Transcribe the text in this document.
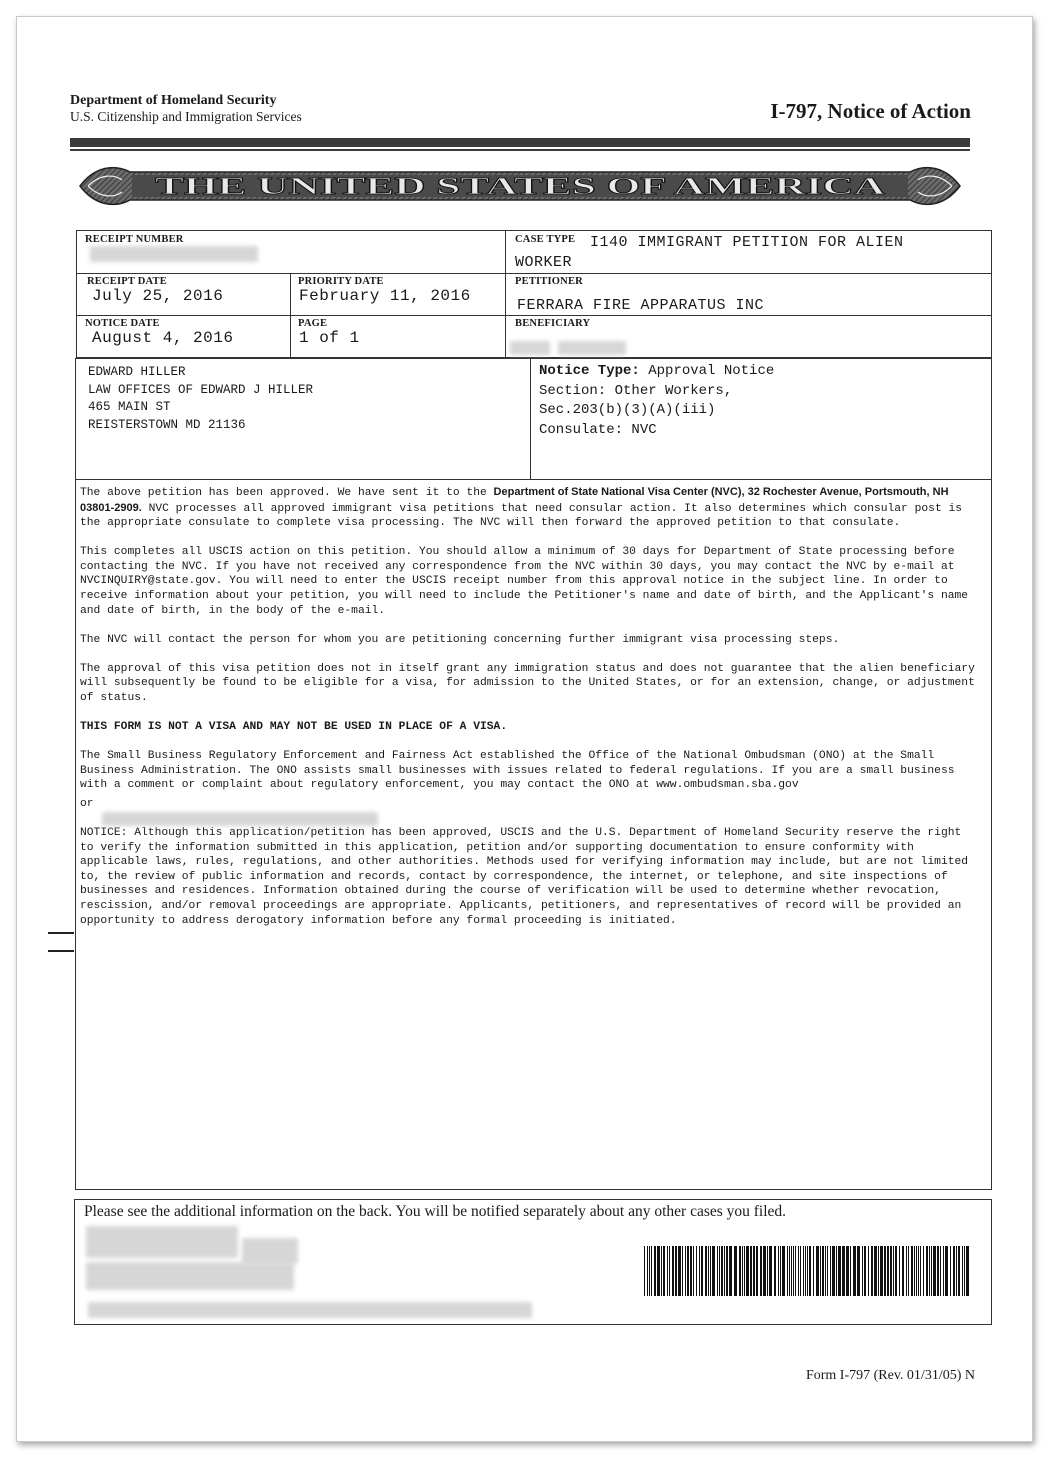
Department of Homeland Security
U.S. Citizenship and Immigration Services	I-797, Notice of Action
THE UNITED STATES OF AMERICA
RECEIPT NUMBER	CASE TYPE I140 IMMIGRANT PETITION FOR ALIEN
WORKER
RECEIPT DATE
July 25, 2016
PRIORITY DATE
February 11, 2016
PETITIONER
FERRARA FIRE APPARATUS INC
NOTICE DATE
August 4, 2016
PAGE
1 of 1
BENEFICIARY
EDWARD HILLER
LAW OFFICES OF EDWARD J HILLER
465 MAIN ST
REISTERSTOWN MD 21136
Notice Type: Approval Notice
Section: Other Workers,
Sec.203(b)(3)(A)(iii)
Consulate: NVC

The above petition has been approved. We have sent it to the Department of State National Visa Center (NVC), 32 Rochester Avenue, Portsmouth, NH 03801-2909. NVC processes all approved immigrant visa petitions that need consular action. It also determines which consular post is the appropriate consulate to complete visa processing. The NVC will then forward the approved petition to that consulate.

This completes all USCIS action on this petition. You should allow a minimum of 30 days for Department of State processing before contacting the NVC. If you have not received any correspondence from the NVC within 30 days, you may contact the NVC by e-mail at NVCINQUIRY@state.gov. You will need to enter the USCIS receipt number from this approval notice in the subject line. In order to receive information about your petition, you will need to include the Petitioner's name and date of birth, and the Applicant's name and date of birth, in the body of the e-mail.

The NVC will contact the person for whom you are petitioning concerning further immigrant visa processing steps.

The approval of this visa petition does not in itself grant any immigration status and does not guarantee that the alien beneficiary will subsequently be found to be eligible for a visa, for admission to the United States, or for an extension, change, or adjustment of status.

THIS FORM IS NOT A VISA AND MAY NOT BE USED IN PLACE OF A VISA.

The Small Business Regulatory Enforcement and Fairness Act established the Office of the National Ombudsman (ONO) at the Small Business Administration. The ONO assists small businesses with issues related to federal regulations. If you are a small business with a comment or complaint about regulatory enforcement, you may contact the ONO at www.ombudsman.sba.gov

or

NOTICE: Although this application/petition has been approved, USCIS and the U.S. Department of Homeland Security reserve the right to verify the information submitted in this application, petition and/or supporting documentation to ensure conformity with applicable laws, rules, regulations, and other authorities. Methods used for verifying information may include, but are not limited to, the review of public information and records, contact by correspondence, the internet, or telephone, and site inspections of businesses and residences. Information obtained during the course of verification will be used to determine whether revocation, rescission, and/or removal proceedings are appropriate. Applicants, petitioners, and representatives of record will be provided an opportunity to address derogatory information before any formal proceeding is initiated.

Please see the additional information on the back. You will be notified separately about any other cases you filed.
Form I-797 (Rev. 01/31/05) N
